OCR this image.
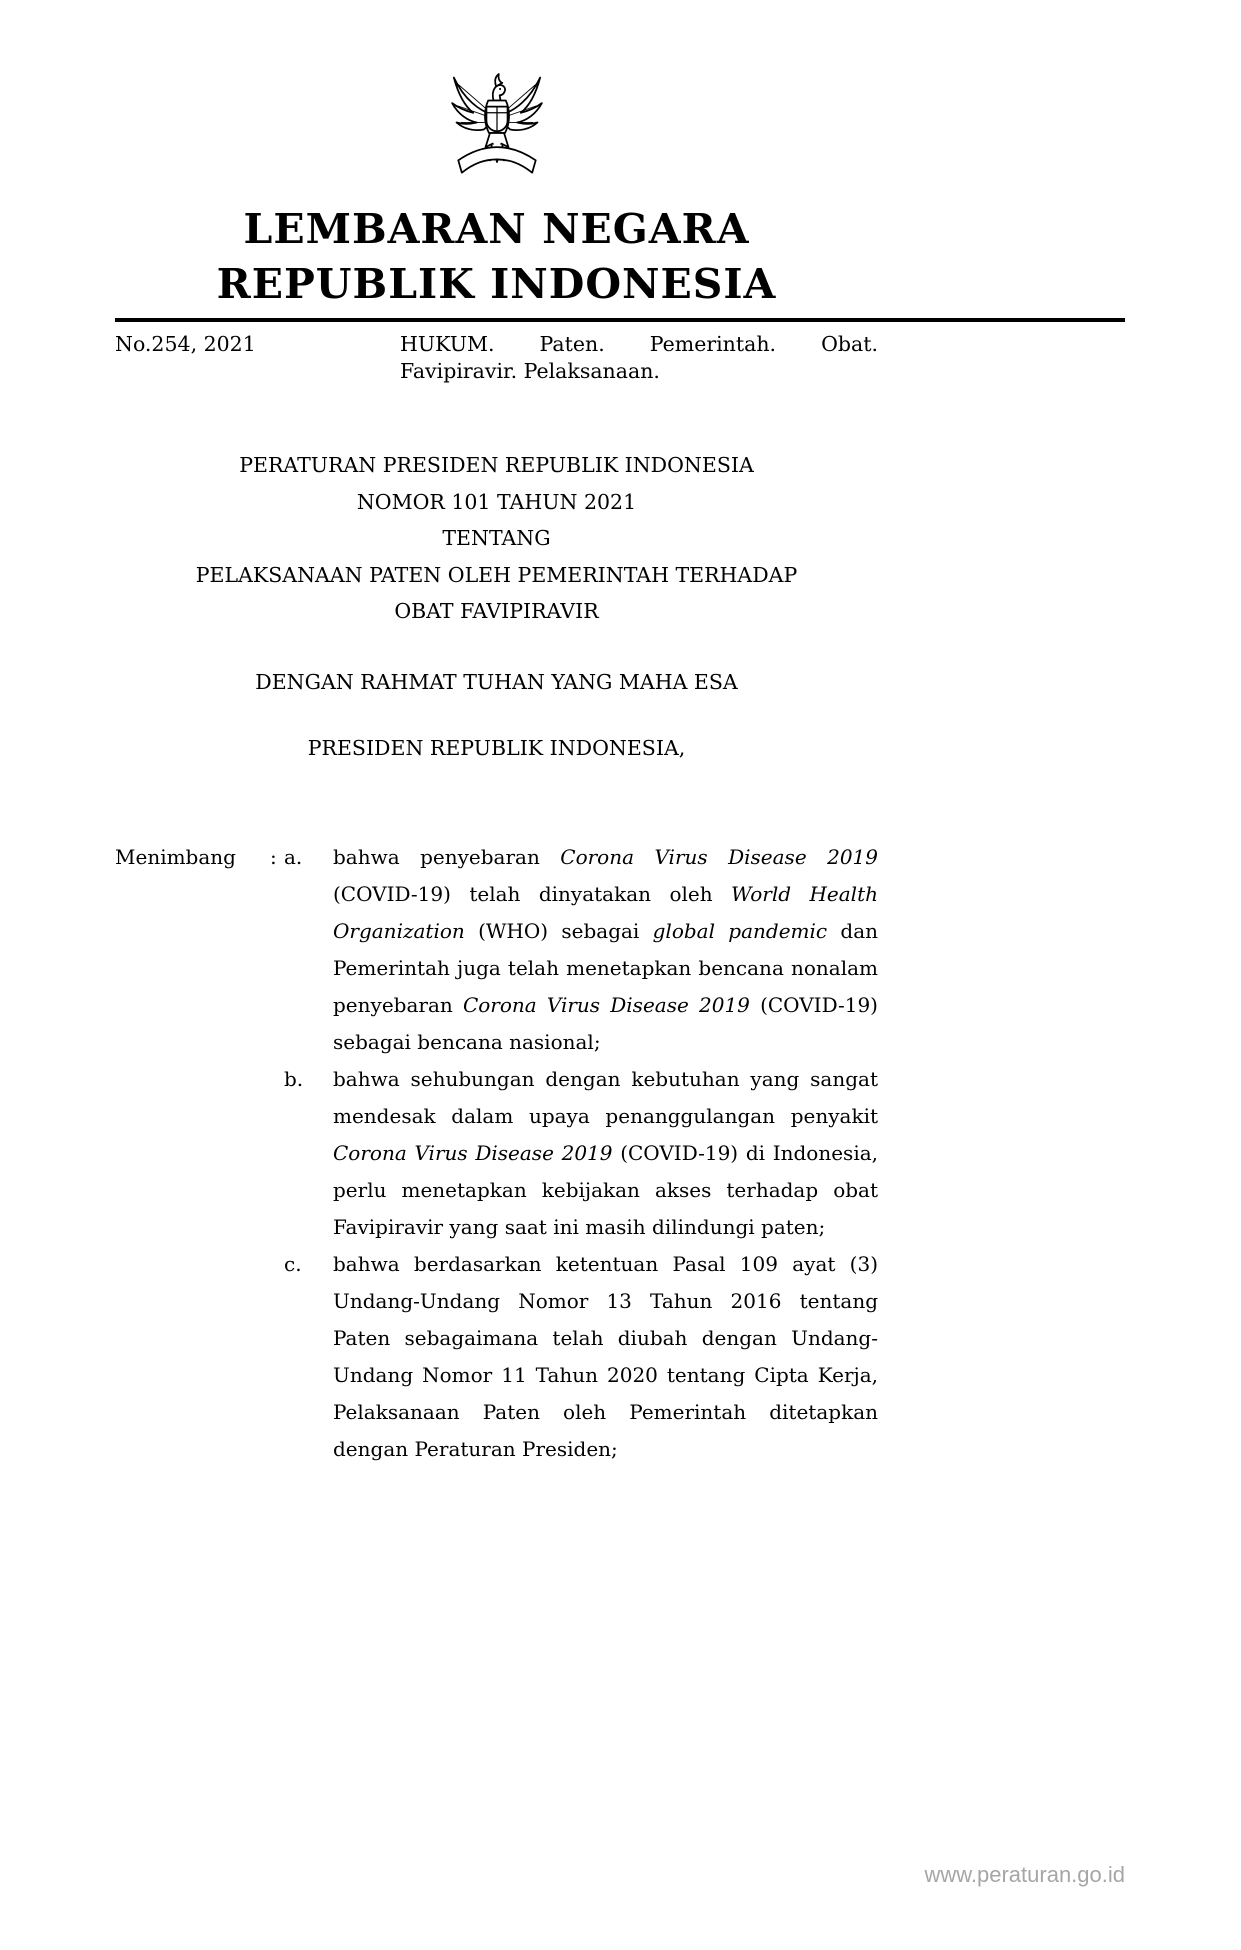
LEMBARAN NEGARA
REPUBLIK INDONESIA
No.254, 2021	HUKUM. Paten. Pemerintah. Obat. Favipiravir. Pelaksanaan.
PERATURAN PRESIDEN REPUBLIK INDONESIA
NOMOR 101 TAHUN 2021
TENTANG
PELAKSANAAN PATEN OLEH PEMERINTAH TERHADAP
OBAT FAVIPIRAVIR
DENGAN RAHMAT TUHAN YANG MAHA ESA
PRESIDEN REPUBLIK INDONESIA,
Menimbang	: a.	bahwa penyebaran Corona Virus Disease 2019 (COVID-19) telah dinyatakan oleh World Health Organization (WHO) sebagai global pandemic dan Pemerintah juga telah menetapkan bencana nonalam penyebaran Corona Virus Disease 2019 (COVID-19) sebagai bencana nasional;
b.	bahwa sehubungan dengan kebutuhan yang sangat mendesak dalam upaya penanggulangan penyakit Corona Virus Disease 2019 (COVID-19) di Indonesia, perlu menetapkan kebijakan akses terhadap obat Favipiravir yang saat ini masih dilindungi paten;
c.	bahwa berdasarkan ketentuan Pasal 109 ayat (3) Undang-Undang Nomor 13 Tahun 2016 tentang Paten sebagaimana telah diubah dengan Undang-Undang Nomor 11 Tahun 2020 tentang Cipta Kerja, Pelaksanaan Paten oleh Pemerintah ditetapkan dengan Peraturan Presiden;
www.peraturan.go.id
